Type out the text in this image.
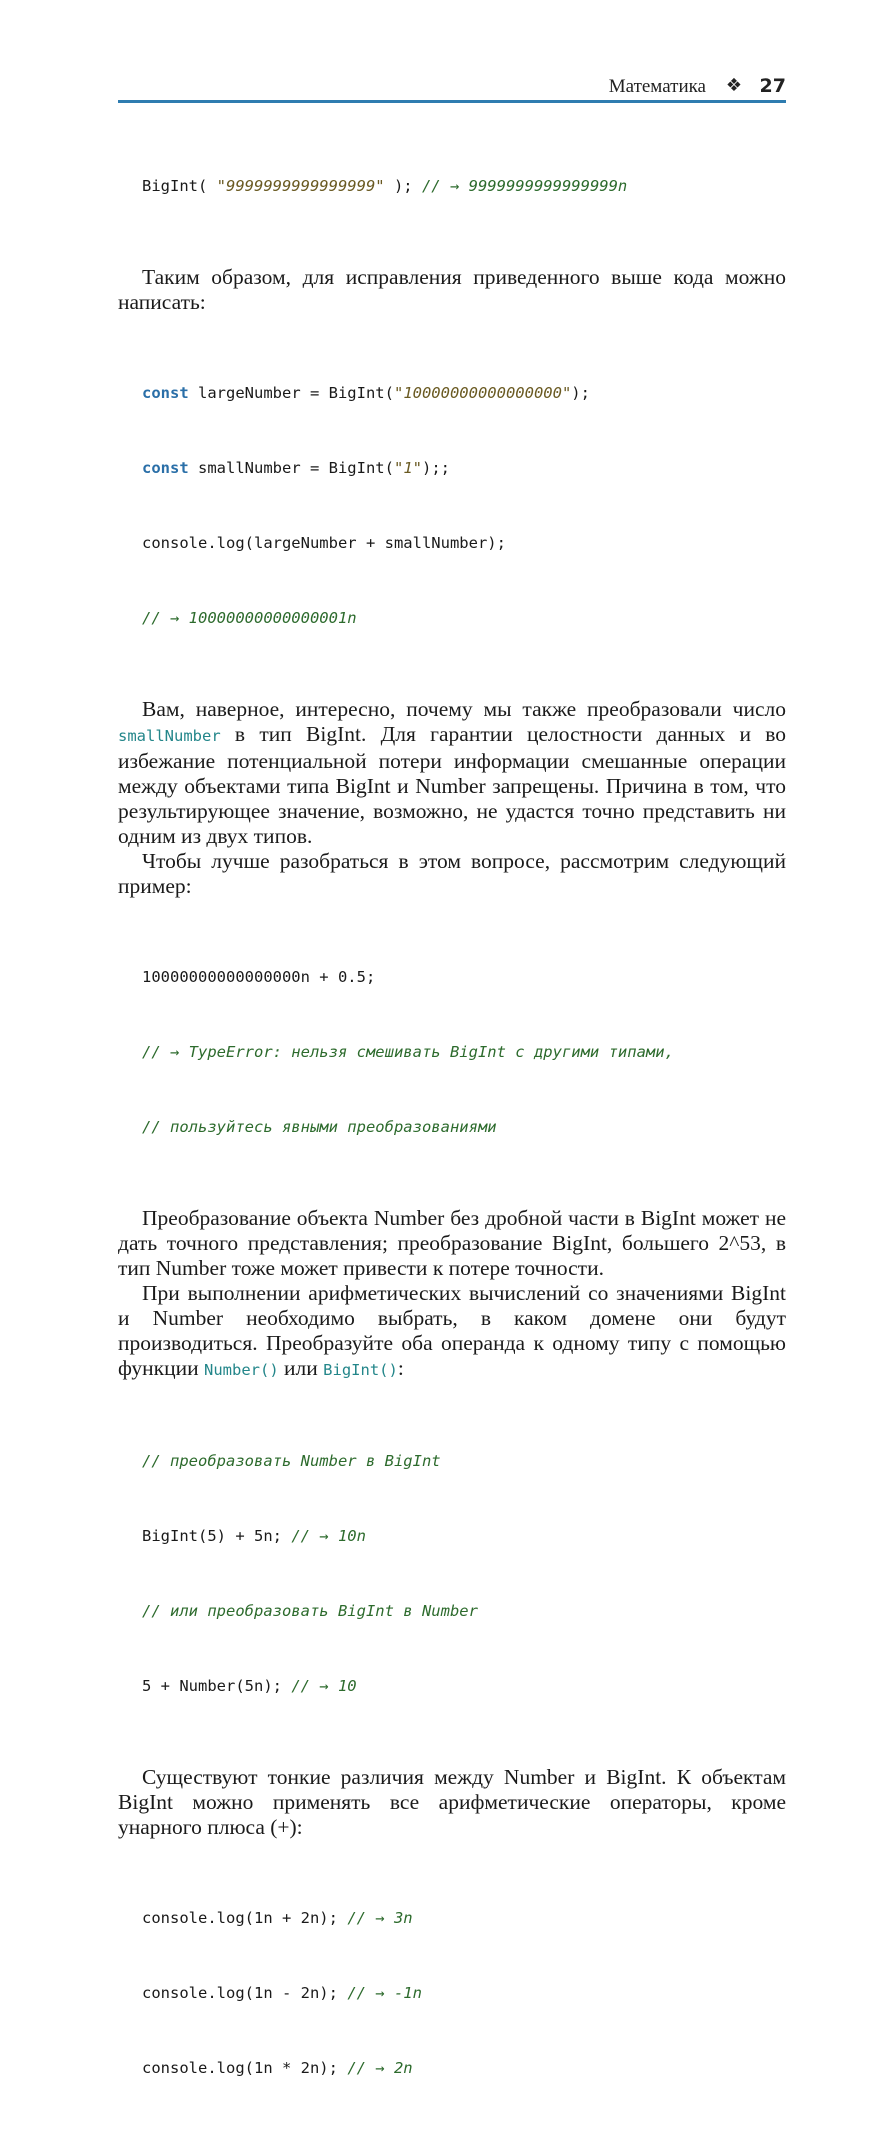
Математика ❖ 27

BigInt( "9999999999999999" ); // → 9999999999999999n

Таким образом, для исправления приведенного выше кода можно написать:

const largeNumber = BigInt("10000000000000000");

const smallNumber = BigInt("1");;

console.log(largeNumber + smallNumber);

// → 10000000000000001n

Вам, наверное, интересно, почему мы также преобразовали число smallNumber в тип BigInt. Для гарантии целостности данных и во избежание потенциальной потери информации смешанные операции между объектами типа BigInt и Number запрещены. Причина в том, что результирующее значение, возможно, не удастся точно представить ни одним из двух типов.

Чтобы лучше разобраться в этом вопросе, рассмотрим следующий пример:

10000000000000000n + 0.5;

// → TypeError: нельзя смешивать BigInt с другими типами,

// пользуйтесь явными преобразованиями

Преобразование объекта Number без дробной части в BigInt может не дать точного представления; преобразование BigInt, большего 2^53, в тип Number тоже может привести к потере точности.

При выполнении арифметических вычислений со значениями BigInt и Number необходимо выбрать, в каком домене они будут производиться. Преобразуйте оба операнда к одному типу с помощью функции Number() или BigInt():

// преобразовать Number в BigInt

BigInt(5) + 5n; // → 10n

// или преобразовать BigInt в Number

5 + Number(5n); // → 10

Существуют тонкие различия между Number и BigInt. К объектам BigInt можно применять все арифметические операторы, кроме унарного плюса (+):

console.log(1n + 2n); // → 3n

console.log(1n - 2n); // → -1n

console.log(1n * 2n); // → 2n
